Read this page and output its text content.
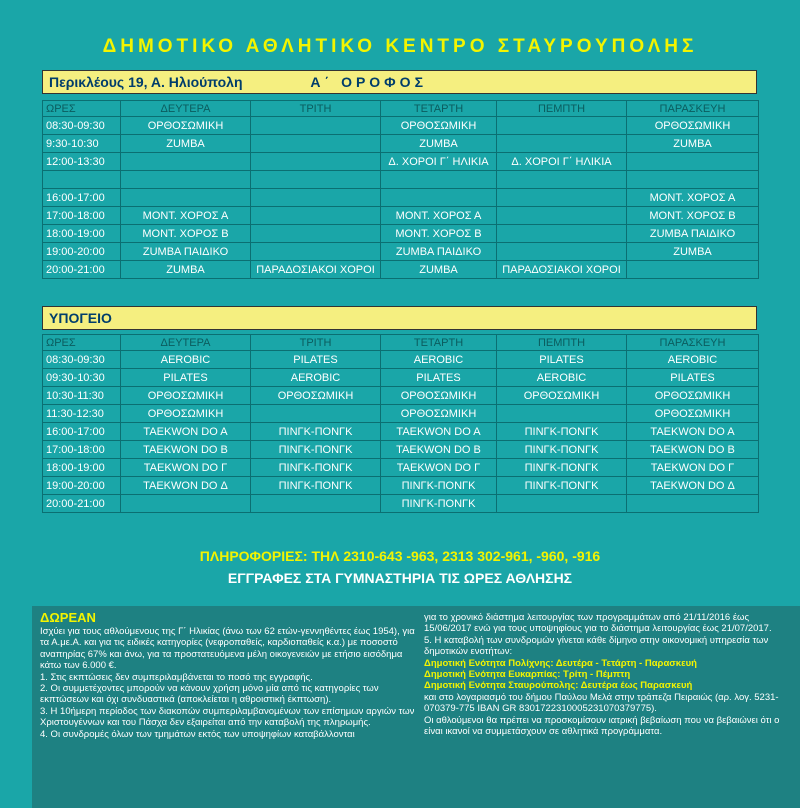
ΔΗΜΟΤΙΚΟ ΑΘΛΗΤΙΚΟ ΚΕΝΤΡΟ ΣΤΑΥΡΟΥΠΟΛΗΣ
Περικλέους 19, Α. Ηλιούπολη	Α΄ ΟΡΟΦΟΣ
ΩΡΕΣ	ΔΕΥΤΕΡΑ	ΤΡΙΤΗ	ΤΕΤΑΡΤΗ	ΠΕΜΠΤΗ	ΠΑΡΑΣΚΕΥΗ
08:30-09:30	ΟΡΘΟΣΩΜΙΚΗ		ΟΡΘΟΣΩΜΙΚΗ		ΟΡΘΟΣΩΜΙΚΗ
9:30-10:30	ZUMBA		ZUMBA		ZUMBA
12:00-13:30			Δ. ΧΟΡΟΙ Γ΄ ΗΛΙΚΙΑ	Δ. ΧΟΡΟΙ Γ΄ ΗΛΙΚΙΑ	

16:00-17:00					ΜΟΝΤ. ΧΟΡΟΣ Α
17:00-18:00	ΜΟΝΤ. ΧΟΡΟΣ Α		ΜΟΝΤ. ΧΟΡΟΣ Α		ΜΟΝΤ. ΧΟΡΟΣ Β
18:00-19:00	ΜΟΝΤ. ΧΟΡΟΣ Β		ΜΟΝΤ. ΧΟΡΟΣ Β		ZUMBA ΠΑΙΔΙΚΟ
19:00-20:00	ZUMBA ΠΑΙΔΙΚΟ		ZUMBA ΠΑΙΔΙΚΟ		ZUMBA
20:00-21:00	ZUMBA	ΠΑΡΑΔΟΣΙΑΚΟΙ ΧΟΡΟΙ	ZUMBA	ΠΑΡΑΔΟΣΙΑΚΟΙ ΧΟΡΟΙ	
ΥΠΟΓΕΙΟ
ΩΡΕΣ	ΔΕΥΤΕΡΑ	ΤΡΙΤΗ	ΤΕΤΑΡΤΗ	ΠΕΜΠΤΗ	ΠΑΡΑΣΚΕΥΗ
08:30-09:30	AEROBIC	PILATES	AEROBIC	PILATES	AEROBIC
09:30-10:30	PILATES	AEROBIC	PILATES	AEROBIC	PILATES
10:30-11:30	ΟΡΘΟΣΩΜΙΚΗ	ΟΡΘΟΣΩΜΙΚΗ	ΟΡΘΟΣΩΜΙΚΗ	ΟΡΘΟΣΩΜΙΚΗ	ΟΡΘΟΣΩΜΙΚΗ
11:30-12:30	ΟΡΘΟΣΩΜΙΚΗ		ΟΡΘΟΣΩΜΙΚΗ		ΟΡΘΟΣΩΜΙΚΗ
16:00-17:00	TAEKWON DO A	ΠΙΝΓΚ-ΠΟΝΓΚ	TAEKWON DO A	ΠΙΝΓΚ-ΠΟΝΓΚ	TAEKWON DO A
17:00-18:00	TAEKWON DO B	ΠΙΝΓΚ-ΠΟΝΓΚ	TAEKWON DO B	ΠΙΝΓΚ-ΠΟΝΓΚ	TAEKWON DO B
18:00-19:00	TAEKWON DO Γ	ΠΙΝΓΚ-ΠΟΝΓΚ	TAEKWON DO Γ	ΠΙΝΓΚ-ΠΟΝΓΚ	TAEKWON DO Γ
19:00-20:00	TAEKWON DO Δ	ΠΙΝΓΚ-ΠΟΝΓΚ	ΠΙΝΓΚ-ΠΟΝΓΚ	ΠΙΝΓΚ-ΠΟΝΓΚ	TAEKWON DO Δ
20:00-21:00			ΠΙΝΓΚ-ΠΟΝΓΚ		
ΠΛΗΡΟΦΟΡΙΕΣ: ΤΗΛ 2310-643 -963, 2313 302-961, -960, -916
ΕΓΓΡΑΦΕΣ ΣΤΑ ΓΥΜΝΑΣΤΗΡΙΑ ΤΙΣ ΩΡΕΣ ΑΘΛΗΣΗΣ
ΔΩΡΕΑΝ

Ισχύει για τους αθλούμενους της Γ΄ Ηλικίας (άνω των 62 ετών-γεννηθέντες έως 1954), για τα Α.με.Α. και για τις ειδικές κατηγορίες (νεφροπαθείς, καρδιοπαθείς κ.α.) με ποσοστό αναπηρίας 67% και άνω, για τα προστατευόμενα μέλη οικογενειών με ετήσιο εισόδημα κάτω των 6.000 €.

1. Στις εκπτώσεις δεν συμπεριλαμβάνεται το ποσό της εγγραφής.

2. Οι συμμετέχοντες μπορούν να κάνουν χρήση μόνο μία από τις κατηγορίες των εκπτώσεων και όχι συνδυαστικά (αποκλείεται η αθροιστική έκπτωση).

3. Η 10ήμερη περίοδος των διακοπών συμπεριλαμβανομένων των επίσημων αργιών των Χριστουγέννων και του Πάσχα δεν εξαιρείται από την καταβολή της πληρωμής.

4. Οι συνδρομές όλων των τμημάτων εκτός των υποψηφίων καταβάλλονται

για το χρονικό διάστημα λειτουργίας των προγραμμάτων από 21/11/2016 έως 15/06/2017 ενώ για τους υποψηφίους για το διάστημα λειτουργίας έως 21/07/2017.

5. Η καταβολή των συνδρομών γίνεται κάθε δίμηνο στην οικονομική υπηρεσία των δημοτικών ενοτήτων:

Δημοτική Ενότητα Πολίχνης: Δευτέρα - Τετάρτη - Παρασκευή

Δημοτική Ενότητα Ευκαρπίας: Τρίτη - Πέμπτη

Δημοτική Ενότητα Σταυρούπολης: Δευτέρα έως Παρασκευή

και στο λογαριασμό του δήμου Παύλου Μελά στην τράπεζα Πειραιώς (αρ. λογ. 5231-070379-775 IBAN GR 8301722310005231070379775).

Οι αθλούμενοι θα πρέπει να προσκομίσουν ιατρική βεβαίωση που να βεβαιώνει ότι ο είναι ικανοί να συμμετάσχουν σε αθλητικά προγράμματα.
